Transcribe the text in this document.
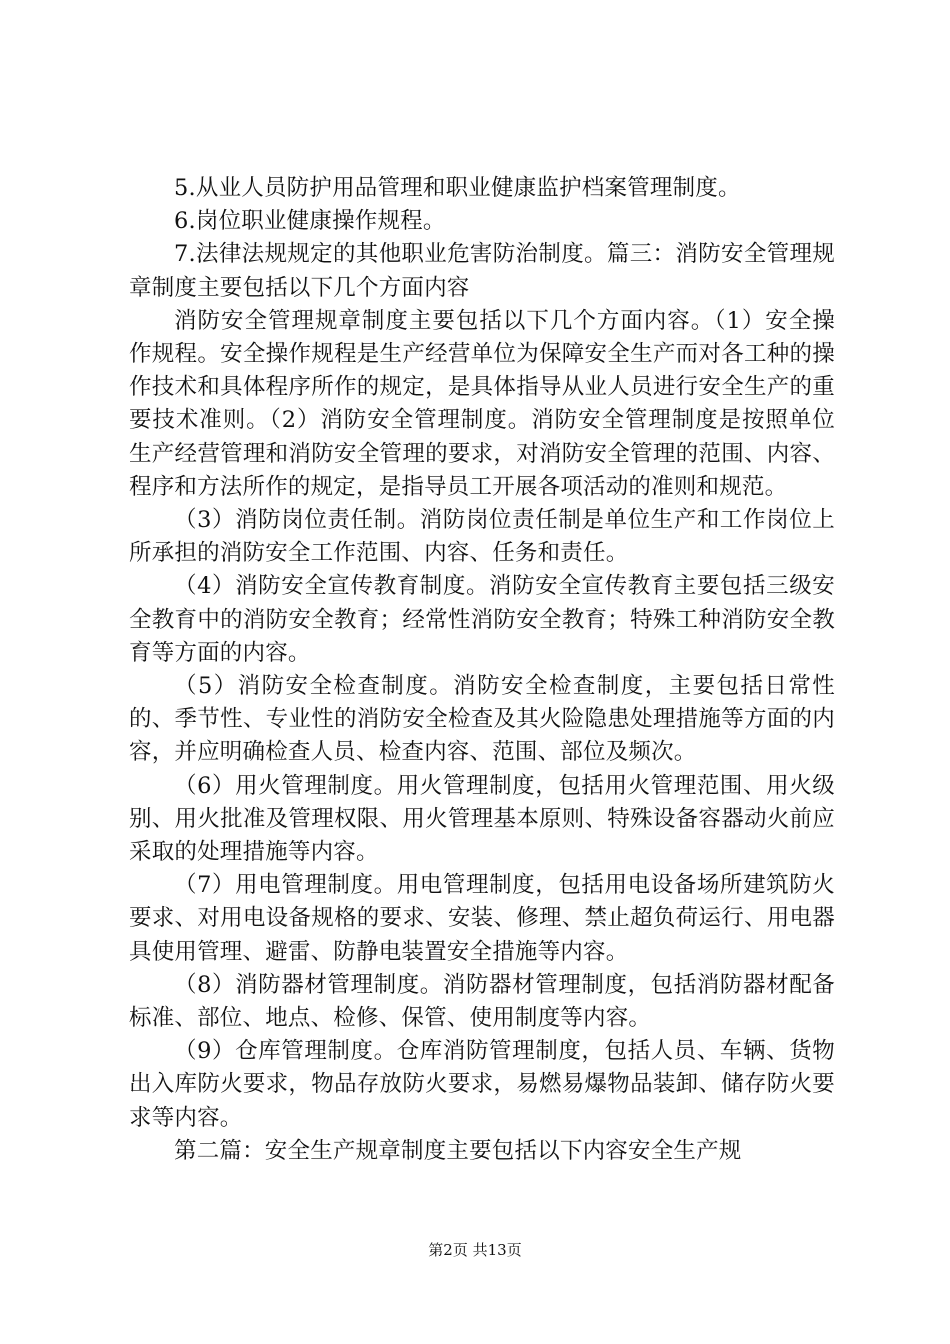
5.从业人员防护用品管理和职业健康监护档案管理制度。

6.岗位职业健康操作规程。

7.法律法规规定的其他职业危害防治制度。篇三：消防安全管理规章制度主要包括以下几个方面内容

消防安全管理规章制度主要包括以下几个方面内容。（1）安全操作规程。安全操作规程是生产经营单位为保障安全生产而对各工种的操作技术和具体程序所作的规定，是具体指导从业人员进行安全生产的重要技术准则。（2）消防安全管理制度。消防安全管理制度是按照单位生产经营管理和消防安全管理的要求，对消防安全管理的范围、内容、程序和方法所作的规定，是指导员工开展各项活动的准则和规范。

（3）消防岗位责任制。消防岗位责任制是单位生产和工作岗位上所承担的消防安全工作范围、内容、任务和责任。

（4）消防安全宣传教育制度。消防安全宣传教育主要包括三级安全教育中的消防安全教育；经常性消防安全教育；特殊工种消防安全教育等方面的内容。

（5）消防安全检查制度。消防安全检查制度，主要包括日常性的、季节性、专业性的消防安全检查及其火险隐患处理措施等方面的内容，并应明确检查人员、检查内容、范围、部位及频次。

（6）用火管理制度。用火管理制度，包括用火管理范围、用火级别、用火批准及管理权限、用火管理基本原则、特殊设备容器动火前应采取的处理措施等内容。

（7）用电管理制度。用电管理制度，包括用电设备场所建筑防火要求、对用电设备规格的要求、安装、修理、禁止超负荷运行、用电器具使用管理、避雷、防静电装置安全措施等内容。

（8）消防器材管理制度。消防器材管理制度，包括消防器材配备标准、部位、地点、检修、保管、使用制度等内容。

（9）仓库管理制度。仓库消防管理制度，包括人员、车辆、货物出入库防火要求，物品存放防火要求，易燃易爆物品装卸、储存防火要求等内容。

第二篇：安全生产规章制度主要包括以下内容安全生产规

第2页 共13页
